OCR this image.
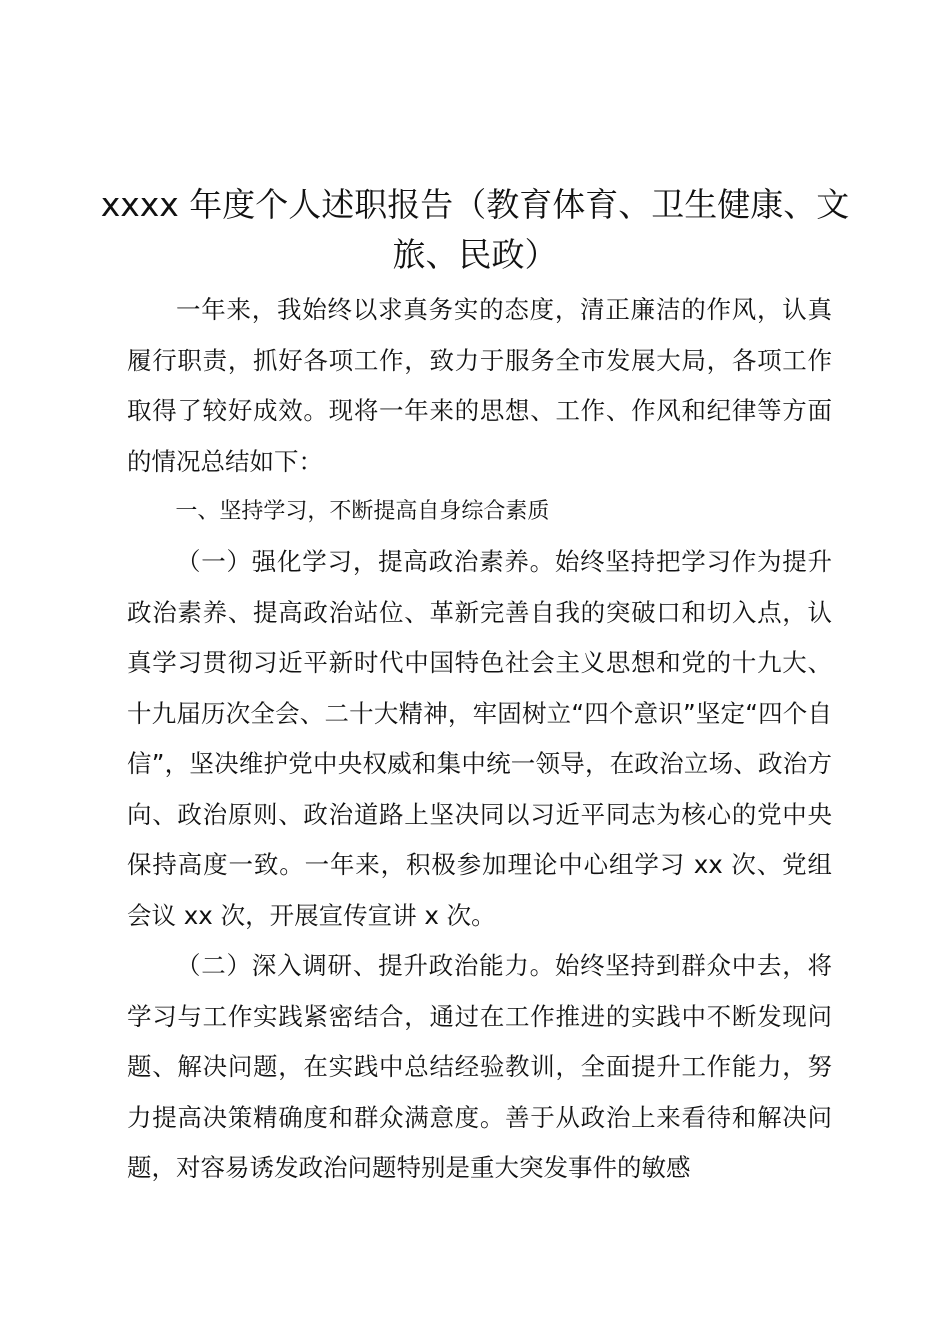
xxxx 年度个人述职报告（教育体育、卫生健康、文旅、民政）

一年来，我始终以求真务实的态度，清正廉洁的作风，认真履行职责，抓好各项工作，致力于服务全市发展大局，各项工作取得了较好成效。现将一年来的思想、工作、作风和纪律等方面的情况总结如下：

一、坚持学习，不断提高自身综合素质

（一）强化学习，提高政治素养。始终坚持把学习作为提升政治素养、提高政治站位、革新完善自我的突破口和切入点，认真学习贯彻习近平新时代中国特色社会主义思想和党的十九大、十九届历次全会、二十大精神，牢固树立“四个意识”坚定“四个自信”，坚决维护党中央权威和集中统一领导，在政治立场、政治方向、政治原则、政治道路上坚决同以习近平同志为核心的党中央保持高度一致。一年来，积极参加理论中心组学习 xx 次、党组会议 xx 次，开展宣传宣讲 x 次。

（二）深入调研、提升政治能力。始终坚持到群众中去，将学习与工作实践紧密结合，通过在工作推进的实践中不断发现问题、解决问题，在实践中总结经验教训，全面提升工作能力，努力提高决策精确度和群众满意度。善于从政治上来看待和解决问题，对容易诱发政治问题特别是重大突发事件的敏感
